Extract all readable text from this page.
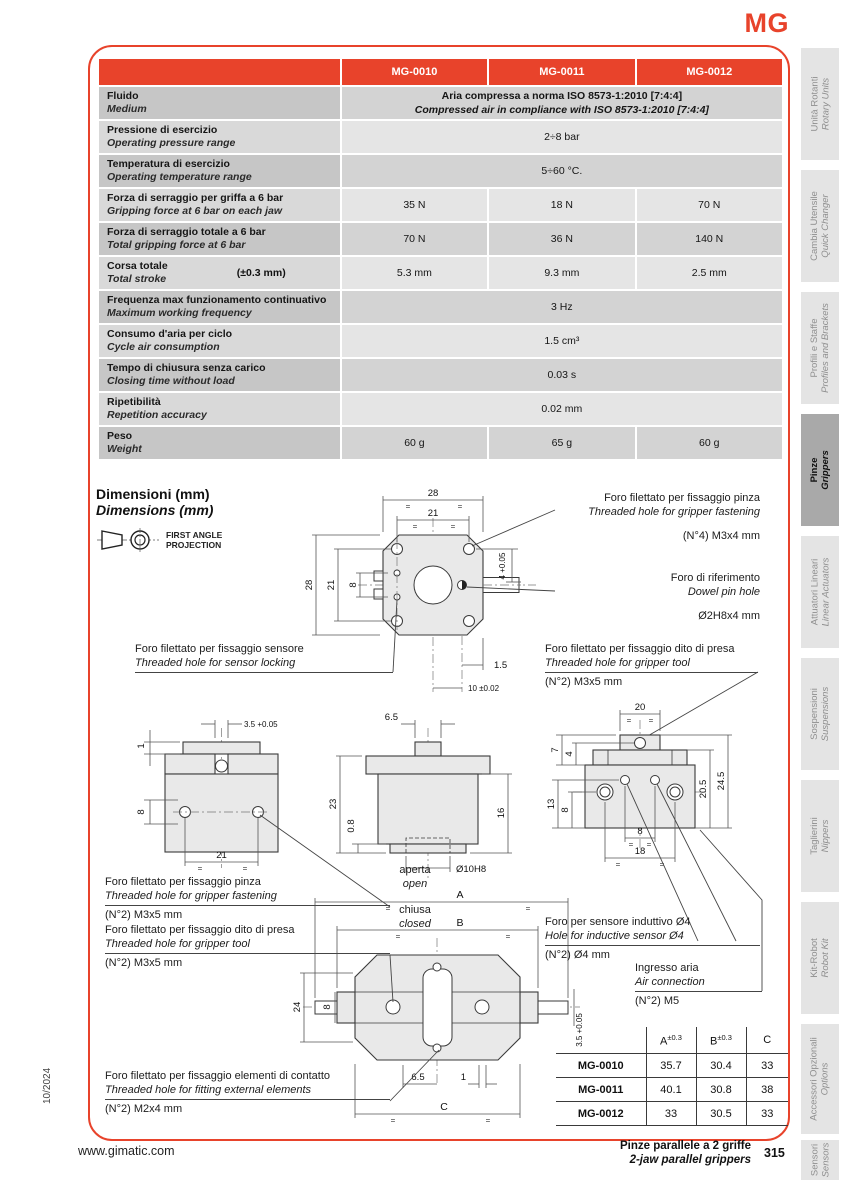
MG
	MG-0010	MG-0011	MG-0012

Fluido
Medium	Aria compressa a norma ISO 8573-1:2010 [7:4:4]
Compressed air in compliance with ISO 8573-1:2010 [7:4:4]		

Pressione di esercizio
Operating pressure range	2÷8 bar		

Temperatura di esercizio
Operating temperature range	5÷60 °C.		

Forza di serraggio per griffa a 6 bar
Gripping force at 6 bar on each jaw	35 N	18 N	70 N

Forza di serraggio totale a 6 bar
Total gripping force at 6 bar	70 N	36 N	140 N

Corsa totale
Total stroke (±0.3 mm)	5.3 mm	9.3 mm	2.5 mm

Frequenza max funzionamento continuativo
Maximum working frequency	3 Hz		

Consumo d'aria per ciclo
Cycle air consumption	1.5 cm³		

Tempo di chiusura senza carico
Closing time without load	0.03 s		

Ripetibilità
Repetition accuracy	0.02 mm		

Peso
Weight	60 g	65 g	60 g
Dimensioni (mm)
Dimensions (mm)
FIRST ANGLE
PROJECTION
28
=	=
21
=	=
28 21 8
4 +0.05
1.5
10 ±0.02
3.5 +0.05
1
8
21
=	=
6.5
23
0.8
16
Ø10H8
20
= =
7
4
13
8
20.5 24.5
8
= =
18
=	=
A
=	=
B
=	=
24 8
3.5 +0.05
6.5	1
C
=	=
Foro filettato per fissaggio sensore
Threaded hole for sensor locking
Foro filettato per fissaggio pinza
Threaded hole for gripper fastening
(N°4) M3x4 mm
Foro di riferimento
Dowel pin hole
Ø2H8x4 mm
Foro filettato per fissaggio dito di presa
Threaded hole for gripper tool
(N°2) M3x5 mm
Foro filettato per fissaggio pinza
Threaded hole for gripper fastening
(N°2) M3x5 mm
Foro filettato per fissaggio dito di presa
Threaded hole for gripper tool
(N°2) M3x5 mm
Foro filettato per fissaggio elementi di contatto
Threaded hole for fitting external elements
(N°2) M2x4 mm
Foro per sensore induttivo Ø4
Hole for inductive sensor Ø4
(N°2) Ø4 mm
Ingresso aria
Air connection
(N°2) M5
aperta
open
chiusa
closed
	$A^{\pm 0.3}$	$B^{\pm 0.3}$	C
MG-0010	35.7	30.4	33
MG-0011	40.1	30.8	38
MG-0012	33	30.5	33
Unità Rotanti Rotary Units
Cambia Utensile Quick Changer
Profili e Staffe Profiles and Brackets
Pinze Grippers
Attuatori Lineari Linear Actuators
Sospensioni Suspensions
Taglierini Nippers
Kit-Robot Robot Kit
Accessori Opzionali Options
Sensori Sensors
10/2024
www.gimatic.com	Pinze parallele a 2 griffe
2-jaw parallel grippers 315
